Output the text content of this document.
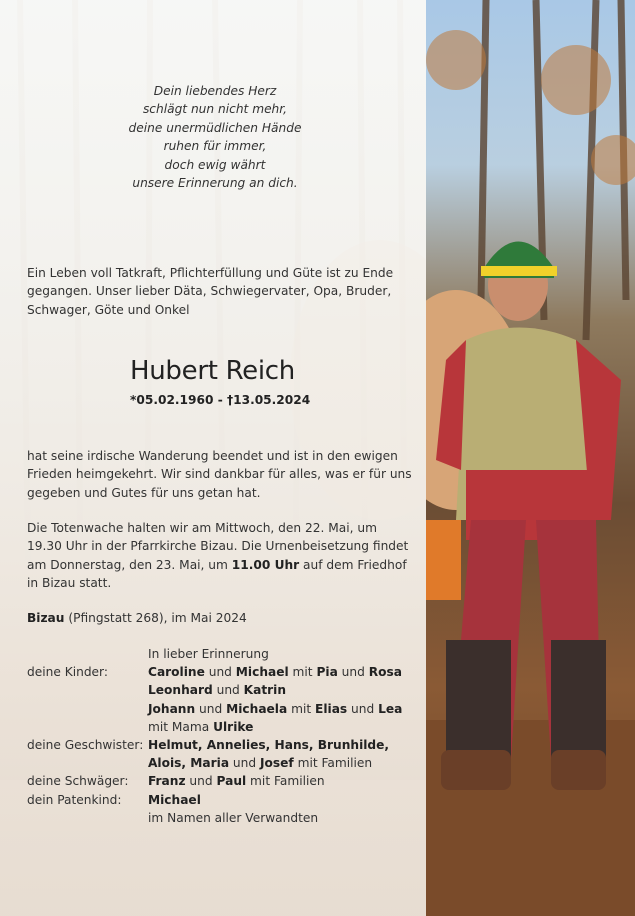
Dein liebendes Herz
schlägt nun nicht mehr,
deine unermüdlichen Hände
ruhen für immer,
doch ewig währt
unsere Erinnerung an dich.
Ein Leben voll Tatkraft, Pflichterfüllung und Güte ist zu Ende gegangen. Unser lieber Däta, Schwiegervater, Opa, Bruder, Schwager, Göte und Onkel
Hubert Reich
*05.02.1960 - †13.05.2024

hat seine irdische Wanderung beendet und ist in den ewigen Frieden heimgekehrt. Wir sind dankbar für alles, was er für uns gegeben und Gutes für uns getan hat.

Die Totenwache halten wir am Mittwoch, den 22. Mai, um 19.30 Uhr in der Pfarrkirche Bizau. Die Urnenbeisetzung findet am Donnerstag, den 23. Mai, um 11.00 Uhr auf dem Friedhof in Bizau statt.

Bizau (Pfingstatt 268), im Mai 2024

In lieber Erinnerung
deine Kinder:	Caroline und Michael mit Pia und Rosa
Leonhard und Katrin
Johann und Michaela mit Elias und Lea
mit Mama Ulrike
deine Geschwister: Helmut, Annelies, Hans, Brunhilde,
Alois, Maria und Josef mit Familien
deine Schwäger:	Franz und Paul mit Familien
dein Patenkind:	Michael
im Namen aller Verwandten
